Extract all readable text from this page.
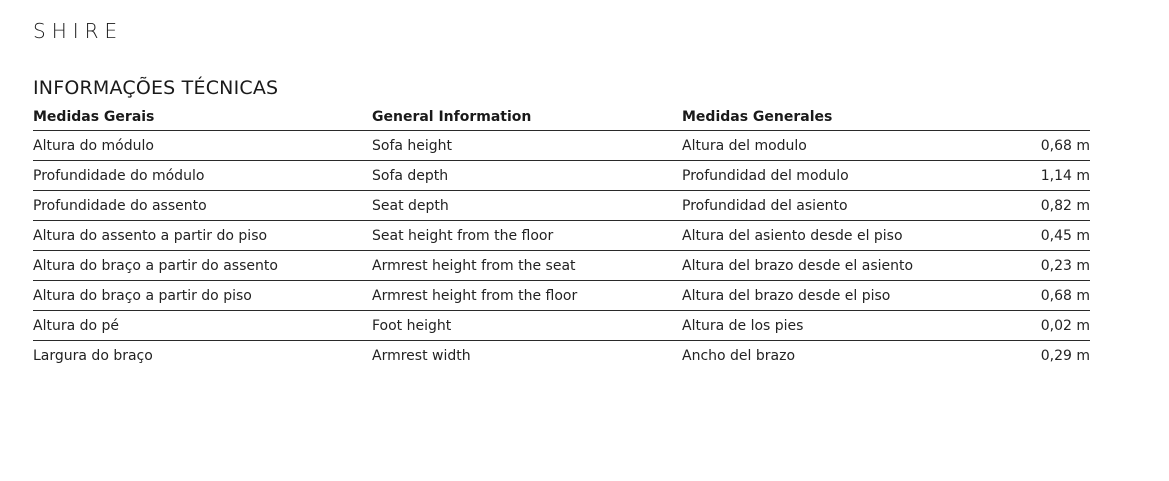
SHIRE
INFORMAÇÕES TÉCNICAS
Medidas Gerais	General Information	Medidas Generales
Altura do módulo	Sofa height	Altura del modulo	0,68 m
Profundidade do módulo	Sofa depth	Profundidad del modulo	1,14 m
Profundidade do assento	Seat depth	Profundidad del asiento	0,82 m
Altura do assento a partir do piso	Seat height from the floor	Altura del asiento desde el piso	0,45 m
Altura do braço a partir do assento	Armrest height from the seat	Altura del brazo desde el asiento	0,23 m
Altura do braço a partir do piso	Armrest height from the floor	Altura del brazo desde el piso	0,68 m
Altura do pé	Foot height	Altura de los pies	0,02 m
Largura do braço	Armrest width	Ancho del brazo	0,29 m
